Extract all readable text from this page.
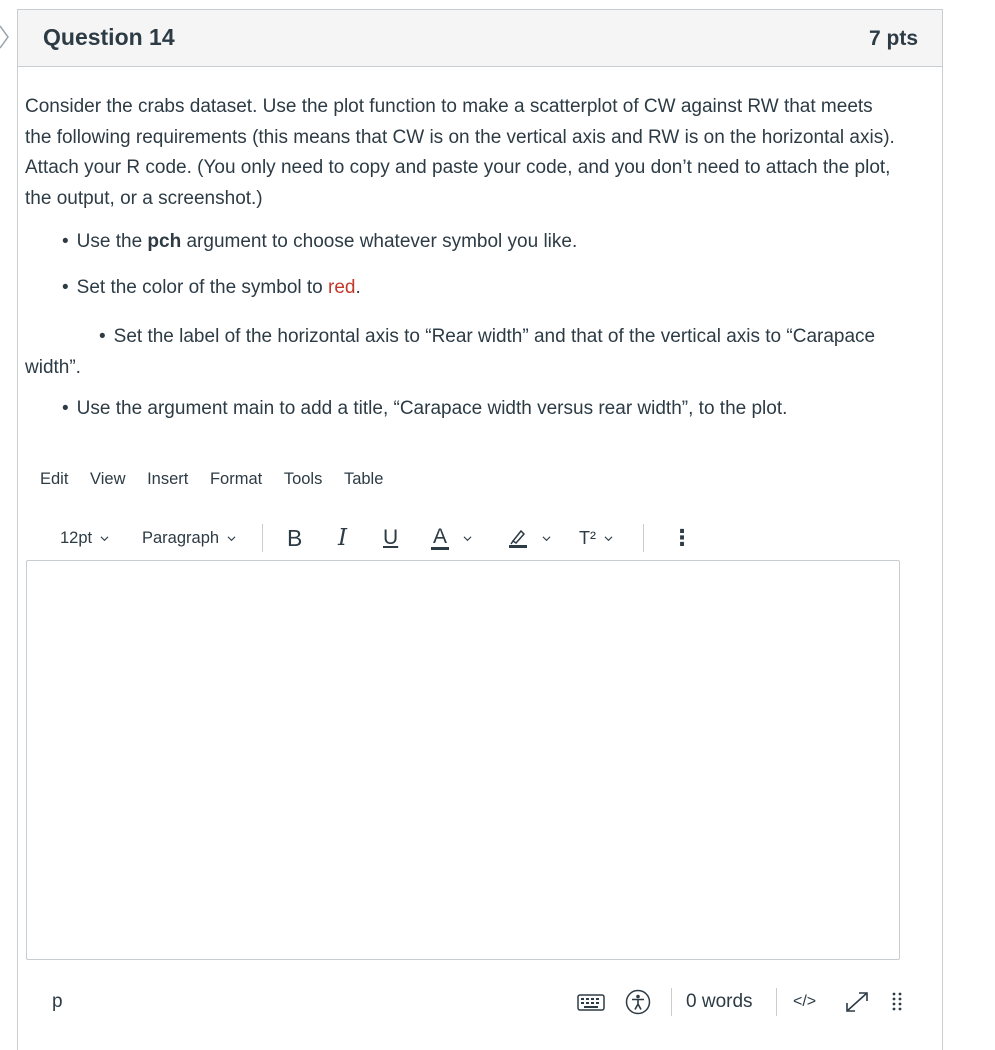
Question 14	7 pts

Consider the crabs dataset. Use the plot function to make a scatterplot of CW against RW that meets the following requirements (this means that CW is on the vertical axis and RW is on the horizontal axis). Attach your R code. (You only need to copy and paste your code, and you don’t need to attach the plot, the output, or a screenshot.)

• Use the pch argument to choose whatever symbol you like.
• Set the color of the symbol to red.
• Set the label of the horizontal axis to “Rear width” and that of the vertical axis to “Carapace width”.
• Use the argument main to add a title, “Carapace width versus rear width”, to the plot.
Edit View Insert Format Tools Table
12pt	Paragraph	B I U A	T²	⋮
p	0 words	</>
